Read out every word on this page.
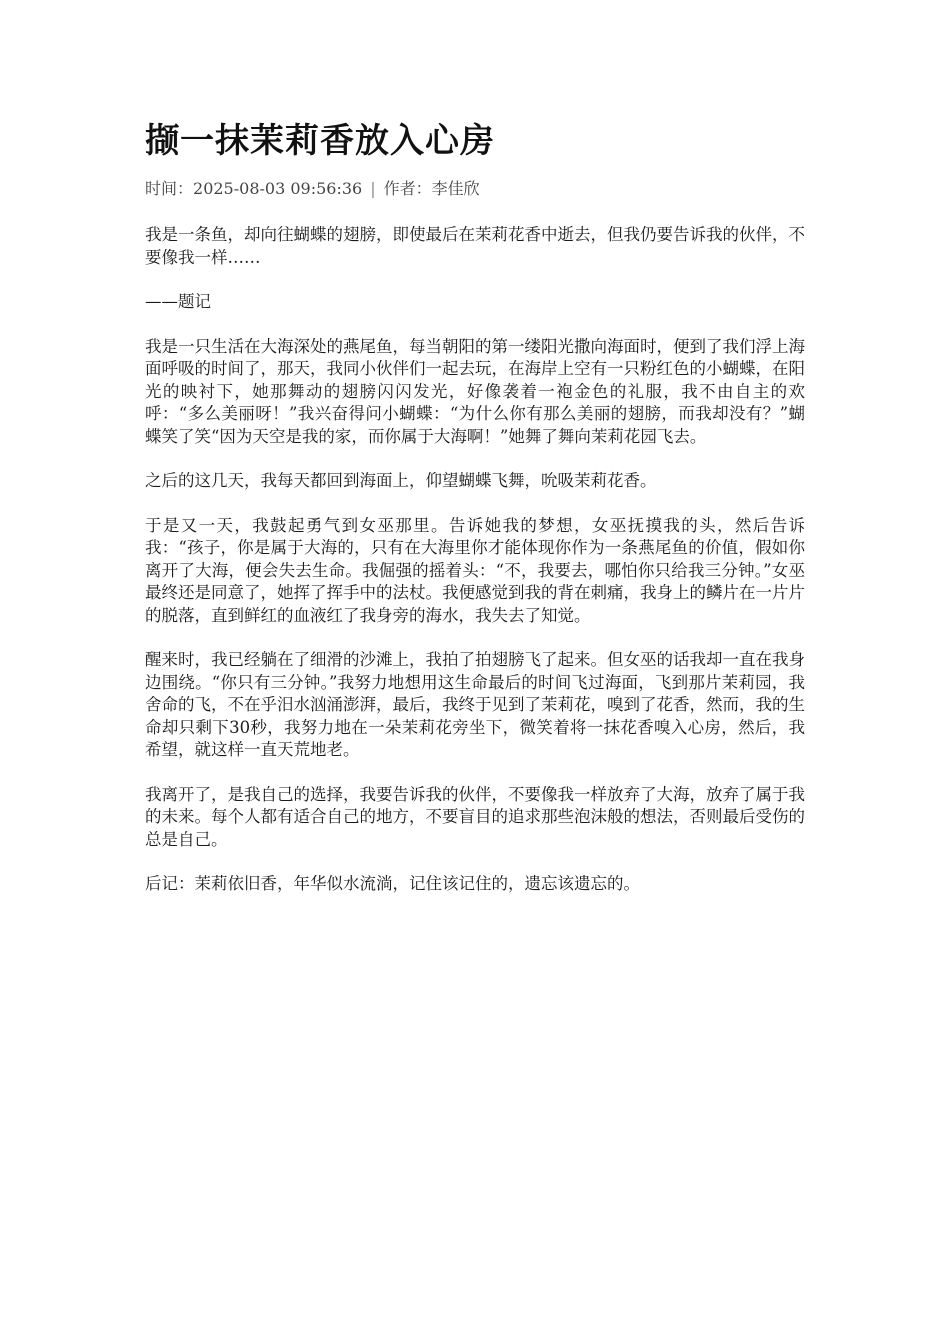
撷一抹茉莉香放入心房
时间：2025-08-03 09:56:36 | 作者：李佳欣

我是一条鱼，却向往蝴蝶的翅膀，即使最后在茉莉花香中逝去，但我仍要告诉我的伙伴，不要像我一样……

——题记

我是一只生活在大海深处的燕尾鱼，每当朝阳的第一缕阳光撒向海面时，便到了我们浮上海面呼吸的时间了，那天，我同小伙伴们一起去玩，在海岸上空有一只粉红色的小蝴蝶，在阳光的映衬下，她那舞动的翅膀闪闪发光，好像袭着一袍金色的礼服，我不由自主的欢呼：“多么美丽呀！”我兴奋得问小蝴蝶：“为什么你有那么美丽的翅膀，而我却没有？”蝴蝶笑了笑“因为天空是我的家，而你属于大海啊！”她舞了舞向茉莉花园飞去。

之后的这几天，我每天都回到海面上，仰望蝴蝶飞舞，吮吸茉莉花香。

于是又一天，我鼓起勇气到女巫那里。告诉她我的梦想，女巫抚摸我的头，然后告诉我：“孩子，你是属于大海的，只有在大海里你才能体现你作为一条燕尾鱼的价值，假如你离开了大海，便会失去生命。我倔强的摇着头：“不，我要去，哪怕你只给我三分钟。”女巫最终还是同意了，她挥了挥手中的法杖。我便感觉到我的背在刺痛，我身上的鳞片在一片片的脱落，直到鲜红的血液红了我身旁的海水，我失去了知觉。

醒来时，我已经躺在了细滑的沙滩上，我拍了拍翅膀飞了起来。但女巫的话我却一直在我身边围绕。“你只有三分钟。”我努力地想用这生命最后的时间飞过海面，飞到那片茉莉园，我舍命的飞，不在乎汨水汹涌澎湃，最后，我终于见到了茉莉花，嗅到了花香，然而，我的生命却只剩下30秒，我努力地在一朵茉莉花旁坐下，微笑着将一抹花香嗅入心房，然后，我希望，就这样一直天荒地老。

我离开了，是我自己的选择，我要告诉我的伙伴，不要像我一样放弃了大海，放弃了属于我的未来。每个人都有适合自己的地方，不要盲目的追求那些泡沫般的想法，否则最后受伤的总是自己。

后记：茉莉依旧香，年华似水流淌，记住该记住的，遗忘该遗忘的。
